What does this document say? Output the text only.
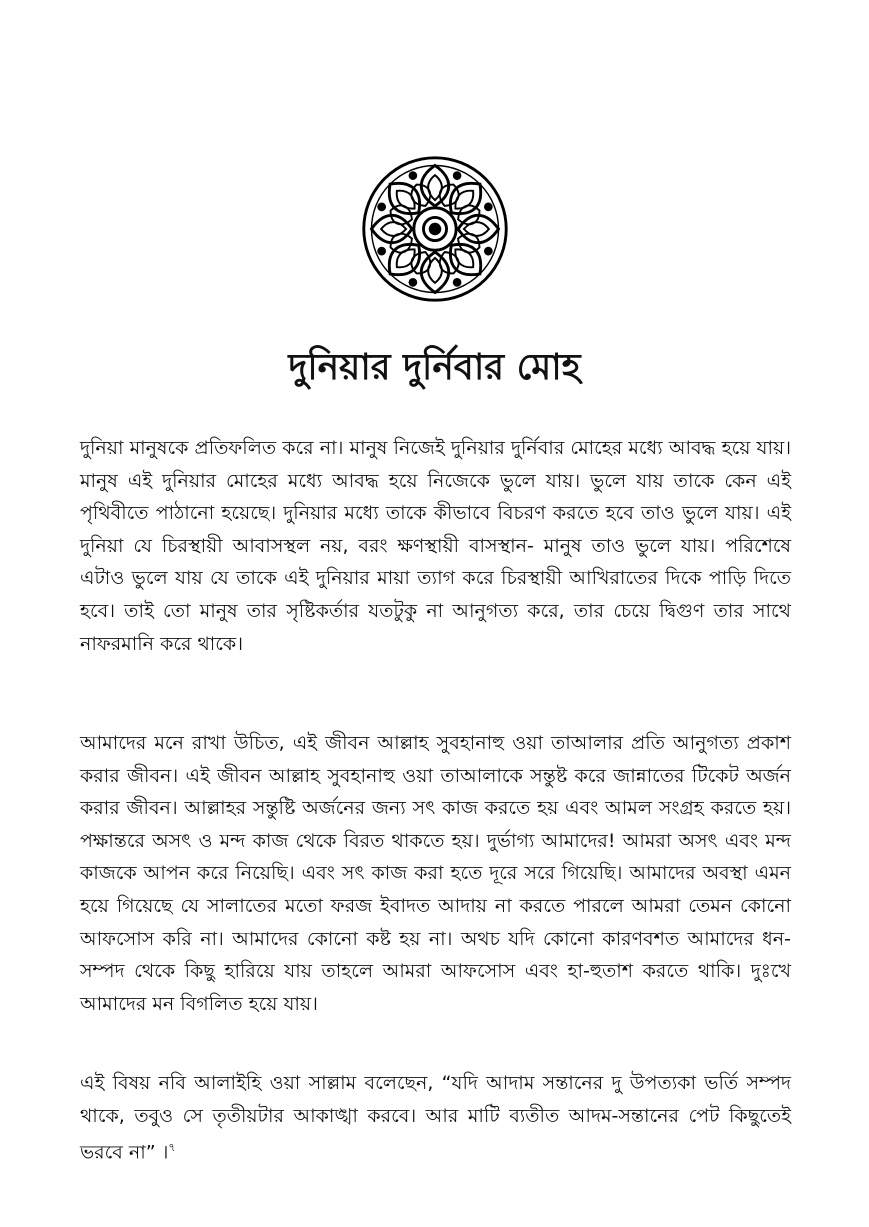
দুনিয়ার দুর্নিবার মোহ

দুনিয়া মানুষকে প্রতিফলিত করে না। মানুষ নিজেই দুনিয়ার দুর্নিবার মোহের মধ্যে আবদ্ধ হয়ে যায়। মানুষ এই দুনিয়ার মোহের মধ্যে আবদ্ধ হয়ে নিজেকে ভুলে যায়। ভুলে যায় তাকে কেন এই পৃথিবীতে পাঠানো হয়েছে। দুনিয়ার মধ্যে তাকে কীভাবে বিচরণ করতে হবে তাও ভুলে যায়। এই দুনিয়া যে চিরস্থায়ী আবাসস্থল নয়, বরং ক্ষণস্থায়ী বাসস্থান- মানুষ তাও ভুলে যায়। পরিশেষে এটাও ভুলে যায় যে তাকে এই দুনিয়ার মায়া ত্যাগ করে চিরস্থায়ী আখিরাতের দিকে পাড়ি দিতে হবে। তাই তো মানুষ তার সৃষ্টিকর্তার যতটুকু না আনুগত্য করে, তার চেয়ে দ্বিগুণ তার সাথে নাফরমানি করে থাকে।

আমাদের মনে রাখা উচিত, এই জীবন আল্লাহ সুবহানাহু ওয়া তাআলার প্রতি আনুগত্য প্রকাশ করার জীবন। এই জীবন আল্লাহ সুবহানাহু ওয়া তাআলাকে সন্তুষ্ট করে জান্নাতের টিকেট অর্জন করার জীবন। আল্লাহর সন্তুষ্টি অর্জনের জন্য সৎ কাজ করতে হয় এবং আমল সংগ্রহ করতে হয়। পক্ষান্তরে অসৎ ও মন্দ কাজ থেকে বিরত থাকতে হয়। দুর্ভাগ্য আমাদের! আমরা অসৎ এবং মন্দ কাজকে আপন করে নিয়েছি। এবং সৎ কাজ করা হতে দূরে সরে গিয়েছি। আমাদের অবস্থা এমন হয়ে গিয়েছে যে সালাতের মতো ফরজ ইবাদত আদায় না করতে পারলে আমরা তেমন কোনো আফসোস করি না। আমাদের কোনো কষ্ট হয় না। অথচ যদি কোনো কারণবশত আমাদের ধন-সম্পদ থেকে কিছু হারিয়ে যায় তাহলে আমরা আফসোস এবং হা-হুতাশ করতে থাকি। দুঃখে আমাদের মন বিগলিত হয়ে যায়।

এই বিষয় নবি আলাইহি ওয়া সাল্লাম বলেছেন, “যদি আদাম সন্তানের দু উপত্যকা ভর্তি সম্পদ থাকে, তবুও সে তৃতীয়টার আকাঙ্খা করবে। আর মাটি ব্যতীত আদম-সন্তানের পেট কিছুতেই ভরবে না” ।$^৭$
